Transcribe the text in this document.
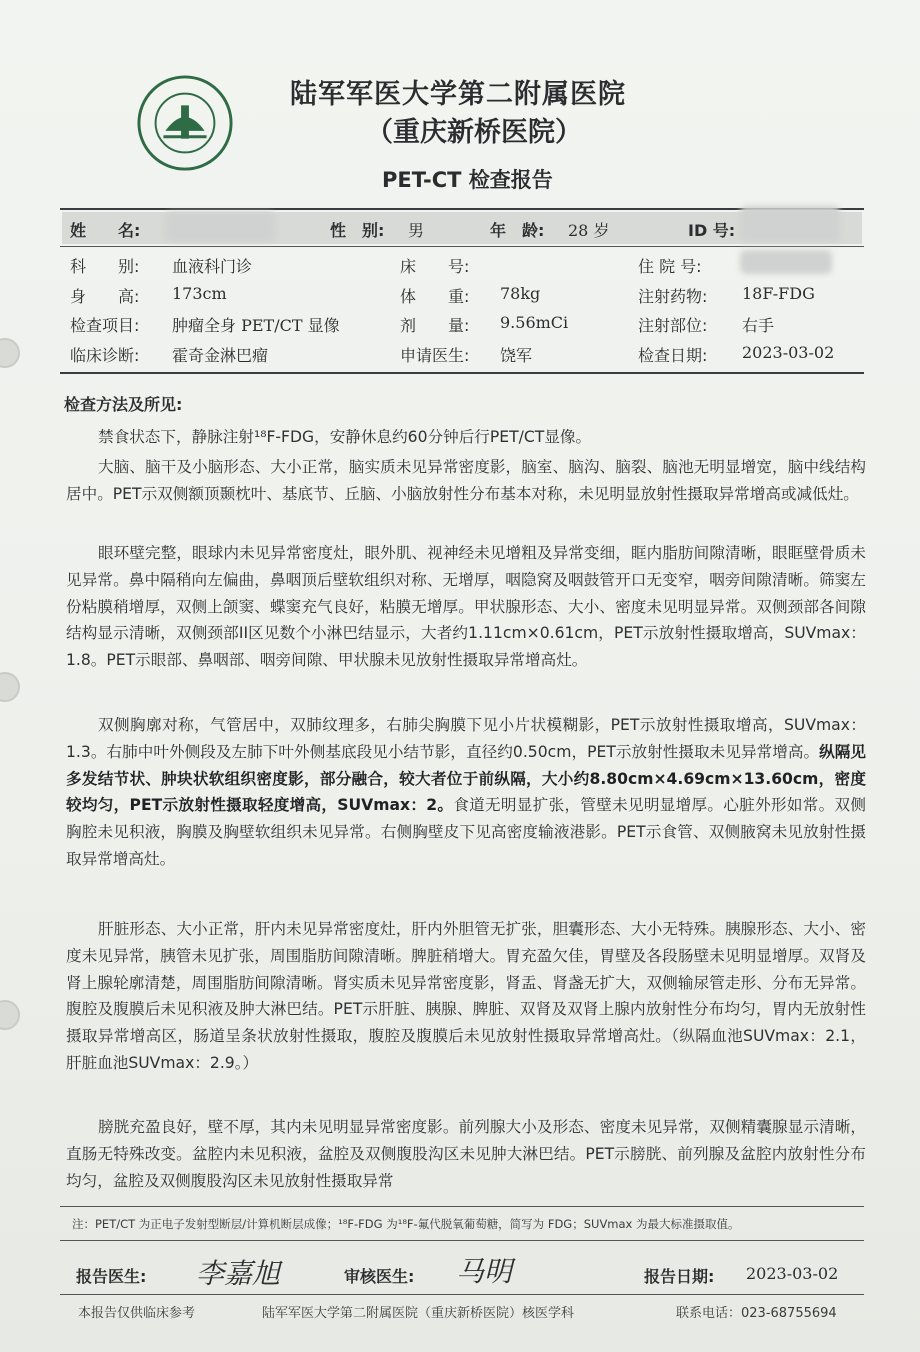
陆军军医大学第二附属医院
（重庆新桥医院）
PET-CT 检查报告
姓　　名:	性　别: 男	年　龄: 28 岁	ID 号:
科　　别: 血液科门诊	床　　号:	住 院 号:
身　　高: 173cm	体　　重: 78kg	注射药物: 18F-FDG
检查项目: 肿瘤全身 PET/CT 显像	剂　　量: 9.56mCi	注射部位: 右手
临床诊断: 霍奇金淋巴瘤	申请医生: 饶军	检查日期: 2023-03-02
检查方法及所见:

禁食状态下，静脉注射¹⁸F-FDG，安静休息约60分钟后行PET/CT显像。

大脑、脑干及小脑形态、大小正常，脑实质未见异常密度影，脑室、脑沟、脑裂、脑池无明显增宽，脑中线结构居中。PET示双侧额顶颞枕叶、基底节、丘脑、小脑放射性分布基本对称，未见明显放射性摄取异常增高或减低灶。

眼环壁完整，眼球内未见异常密度灶，眼外肌、视神经未见增粗及异常变细，眶内脂肪间隙清晰，眼眶壁骨质未见异常。鼻中隔稍向左偏曲，鼻咽顶后壁软组织对称、无增厚，咽隐窝及咽鼓管开口无变窄，咽旁间隙清晰。筛窦左份粘膜稍增厚，双侧上颌窦、蝶窦充气良好，粘膜无增厚。甲状腺形态、大小、密度未见明显异常。双侧颈部各间隙结构显示清晰，双侧颈部II区见数个小淋巴结显示，大者约1.11cm×0.61cm，PET示放射性摄取增高，SUVmax：1.8。PET示眼部、鼻咽部、咽旁间隙、甲状腺未见放射性摄取异常增高灶。

双侧胸廓对称，气管居中，双肺纹理多，右肺尖胸膜下见小片状模糊影，PET示放射性摄取增高，SUVmax：1.3。右肺中叶外侧段及左肺下叶外侧基底段见小结节影，直径约0.50cm，PET示放射性摄取未见异常增高。纵隔见多发结节状、肿块状软组织密度影，部分融合，较大者位于前纵隔，大小约8.80cm×4.69cm×13.60cm，密度较均匀，PET示放射性摄取轻度增高，SUVmax：2。食道无明显扩张，管壁未见明显增厚。心脏外形如常。双侧胸腔未见积液，胸膜及胸壁软组织未见异常。右侧胸壁皮下见高密度输液港影。PET示食管、双侧腋窝未见放射性摄取异常增高灶。

肝脏形态、大小正常，肝内未见异常密度灶，肝内外胆管无扩张，胆囊形态、大小无特殊。胰腺形态、大小、密度未见异常，胰管未见扩张，周围脂肪间隙清晰。脾脏稍增大。胃充盈欠佳，胃壁及各段肠壁未见明显增厚。双肾及肾上腺轮廓清楚，周围脂肪间隙清晰。肾实质未见异常密度影，肾盂、肾盏无扩大，双侧输尿管走形、分布无异常。腹腔及腹膜后未见积液及肿大淋巴结。PET示肝脏、胰腺、脾脏、双肾及双肾上腺内放射性分布均匀，胃内无放射性摄取异常增高区，肠道呈条状放射性摄取，腹腔及腹膜后未见放射性摄取异常增高灶。（纵隔血池SUVmax：2.1，肝脏血池SUVmax：2.9。）

膀胱充盈良好，壁不厚，其内未见明显异常密度影。前列腺大小及形态、密度未见异常，双侧精囊腺显示清晰，直肠无特殊改变。盆腔内未见积液，盆腔及双侧腹股沟区未见肿大淋巴结。PET示膀胱、前列腺及盆腔内放射性分布均匀，盆腔及双侧腹股沟区未见放射性摄取异常

注：PET/CT 为正电子发射型断层/计算机断层成像；¹⁸F-FDG 为¹⁸F-氟代脱氧葡萄糖，简写为 FDG；SUVmax 为最大标准摄取值。
报告医生: 李嘉旭	审核医生: 马明	报告日期: 2023-03-02
本报告仅供临床参考	陆军军医大学第二附属医院（重庆新桥医院）核医学科	联系电话：023-68755694
